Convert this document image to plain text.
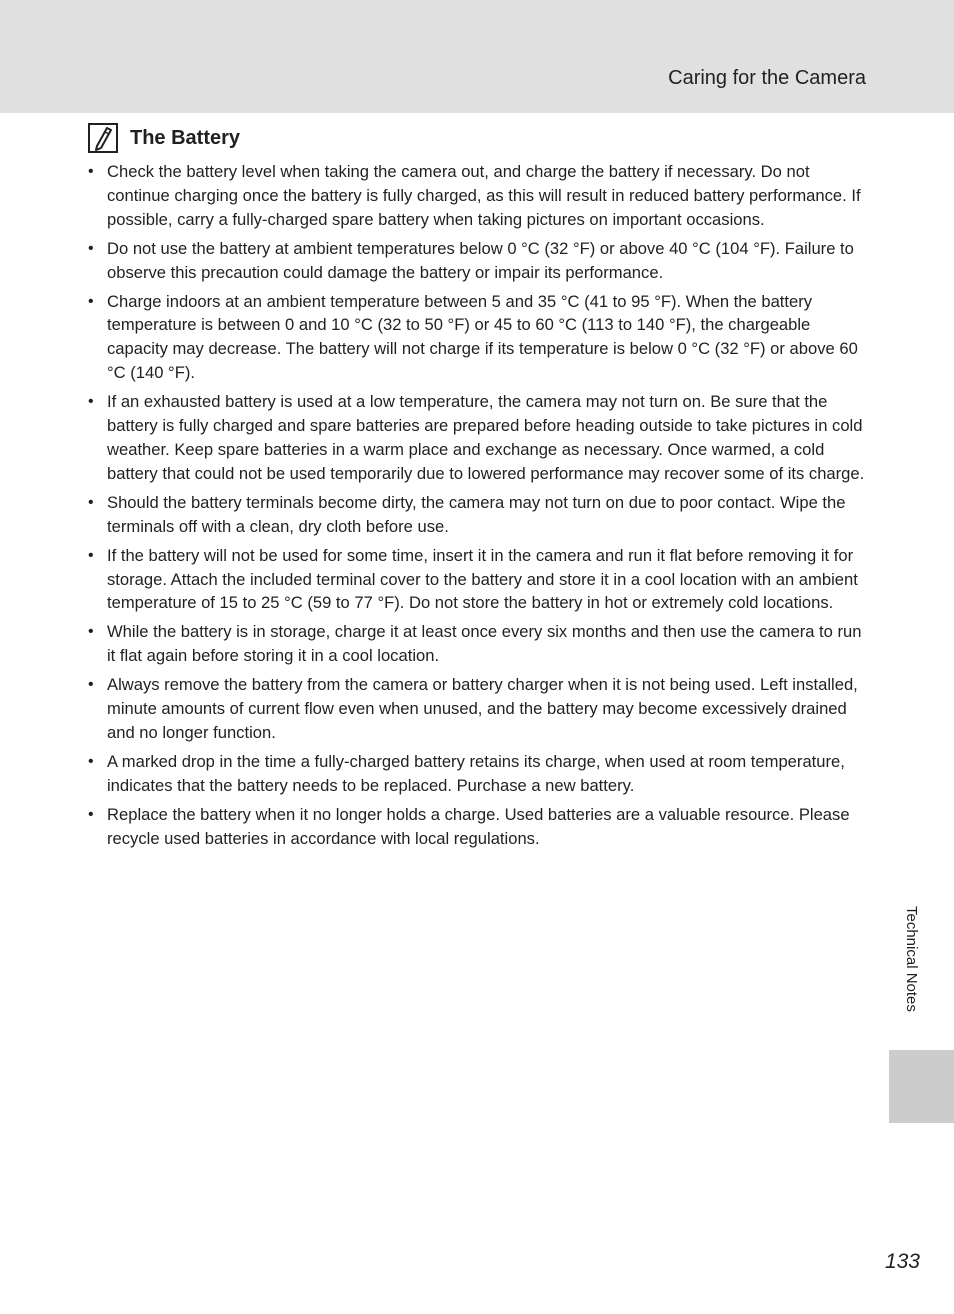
Caring for the Camera
The Battery
• Check the battery level when taking the camera out, and charge the battery if necessary. Do not continue charging once the battery is fully charged, as this will result in reduced battery performance. If possible, carry a fully-charged spare battery when taking pictures on important occasions.
• Do not use the battery at ambient temperatures below 0 °C (32 °F) or above 40 °C (104 °F). Failure to observe this precaution could damage the battery or impair its performance.
• Charge indoors at an ambient temperature between 5 and 35 °C (41 to 95 °F). When the battery temperature is between 0 and 10 °C (32 to 50 °F) or 45 to 60 °C (113 to 140 °F), the chargeable capacity may decrease. The battery will not charge if its temperature is below 0 °C (32 °F) or above 60 °C (140 °F).
• If an exhausted battery is used at a low temperature, the camera may not turn on. Be sure that the battery is fully charged and spare batteries are prepared before heading outside to take pictures in cold weather. Keep spare batteries in a warm place and exchange as necessary. Once warmed, a cold battery that could not be used temporarily due to lowered performance may recover some of its charge.
• Should the battery terminals become dirty, the camera may not turn on due to poor contact. Wipe the terminals off with a clean, dry cloth before use.
• If the battery will not be used for some time, insert it in the camera and run it flat before removing it for storage. Attach the included terminal cover to the battery and store it in a cool location with an ambient temperature of 15 to 25 °C (59 to 77 °F). Do not store the battery in hot or extremely cold locations.
• While the battery is in storage, charge it at least once every six months and then use the camera to run it flat again before storing it in a cool location.
• Always remove the battery from the camera or battery charger when it is not being used. Left installed, minute amounts of current flow even when unused, and the battery may become excessively drained and no longer function.
• A marked drop in the time a fully-charged battery retains its charge, when used at room temperature, indicates that the battery needs to be replaced. Purchase a new battery.
• Replace the battery when it no longer holds a charge. Used batteries are a valuable resource. Please recycle used batteries in accordance with local regulations.
Technical Notes
133
